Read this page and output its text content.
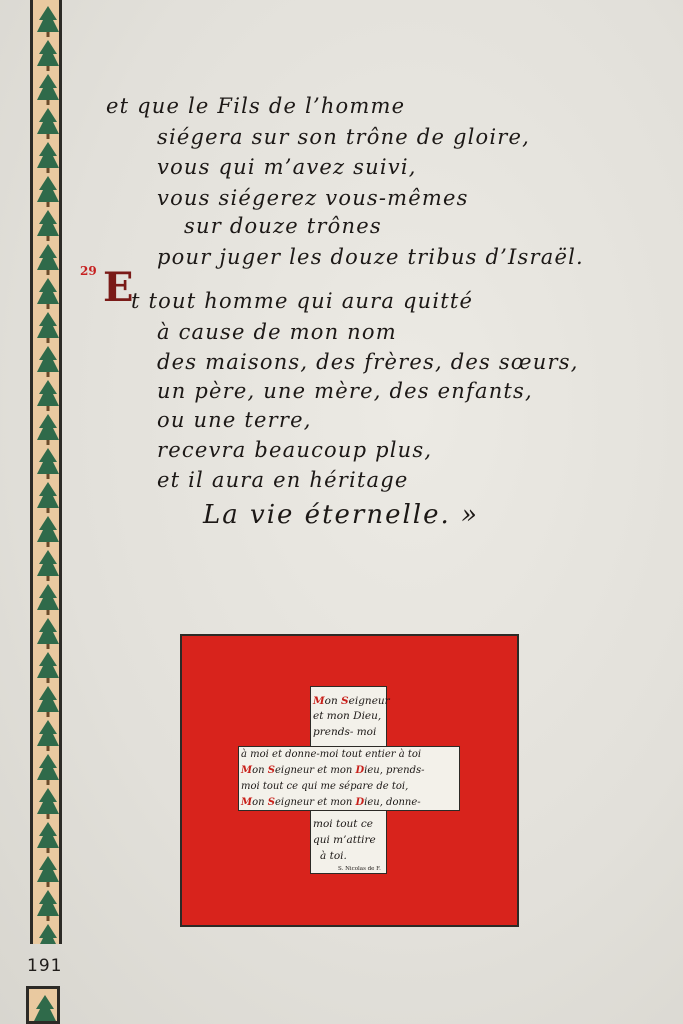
et que le Fils de l’homme
siégera sur son trône de gloire,
vous qui m’avez suivi,
vous siégerez vous-mêmes
sur douze trônes
pour juger les douze tribus d’Israël.
29 E
t tout homme qui aura quitté
à cause de mon nom
des maisons, des frères, des sœurs,
un père, une mère, des enfants,
ou une terre,
recevra beaucoup plus,
et il aura en héritage
La vie éternelle. »
Mon Seigneur
et mon Dieu,
prends- moi
à moi et donne-moi tout entier à toi
Mon Seigneur et mon Dieu, prends-
moi tout ce qui me sépare de toi,
Mon Seigneur et mon Dieu, donne-
moi tout ce
qui m’attire
à toi.
S. Nicolas de F.
191
